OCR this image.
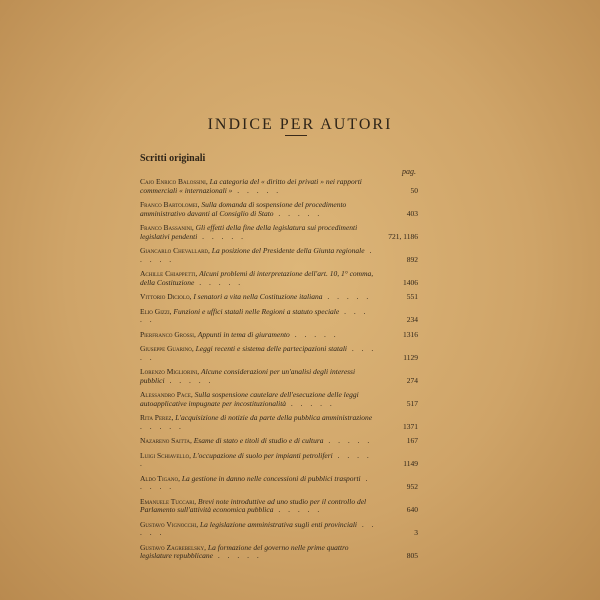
INDICE PER AUTORI
Scritti originali
pag.
Cajo Enrico Balossini, La categoria del « diritto dei privati » nei rapporti commerciali « internazionali » . . . . .	50
Franco Bartolomei, Sulla domanda di sospensione del procedimento amministrativo davanti al Consiglio di Stato . . . . .	403
Franco Bassanini, Gli effetti della fine della legislatura sui procedimenti legislativi pendenti . . . . .	721, 1186
Giancarlo Chevallard, La posizione del Presidente della Giunta regionale . . . . .	892
Achille Chiappetti, Alcuni problemi di interpretazione dell'art. 10, 1° comma, della Costituzione . . . . .	1406
Vittorio Diciolo, I senatori a vita nella Costituzione italiana . . . . .	551
Elio Gizzi, Funzioni e uffici statali nelle Regioni a statuto speciale . . . . .	234
Pierfranco Grossi, Appunti in tema di giuramento . . . . .	1316
Giuseppe Guarino, Leggi recenti e sistema delle partecipazioni statali . . . . .	1129
Lorenzo Migliorini, Alcune considerazioni per un'analisi degli interessi pubblici . . . . .	274
Alessandro Pace, Sulla sospensione cautelare dell'esecuzione delle leggi autoapplicative impugnate per incostituzionalità . . . . .	517
Rita Perez, L'acquisizione di notizie da parte della pubblica amministrazione . . . . .	1371
Nazareno Saitta, Esame di stato e titoli di studio e di cultura . . . . .	167
Luigi Schiavello, L'occupazione di suolo per impianti petroliferi . . . . .	1149
Aldo Tigano, La gestione in danno nelle concessioni di pubblici trasporti . . . . .	952
Emanuele Tuccari, Brevi note introduttive ad uno studio per il controllo del Parlamento sull'attività economica pubblica . . . . .	640
Gustavo Vignocchi, La legislazione amministrativa sugli enti provinciali . . . . .	3
Gustavo Zagrebelsky, La formazione del governo nelle prime quattro legislature repubblicane . . . . .	805
